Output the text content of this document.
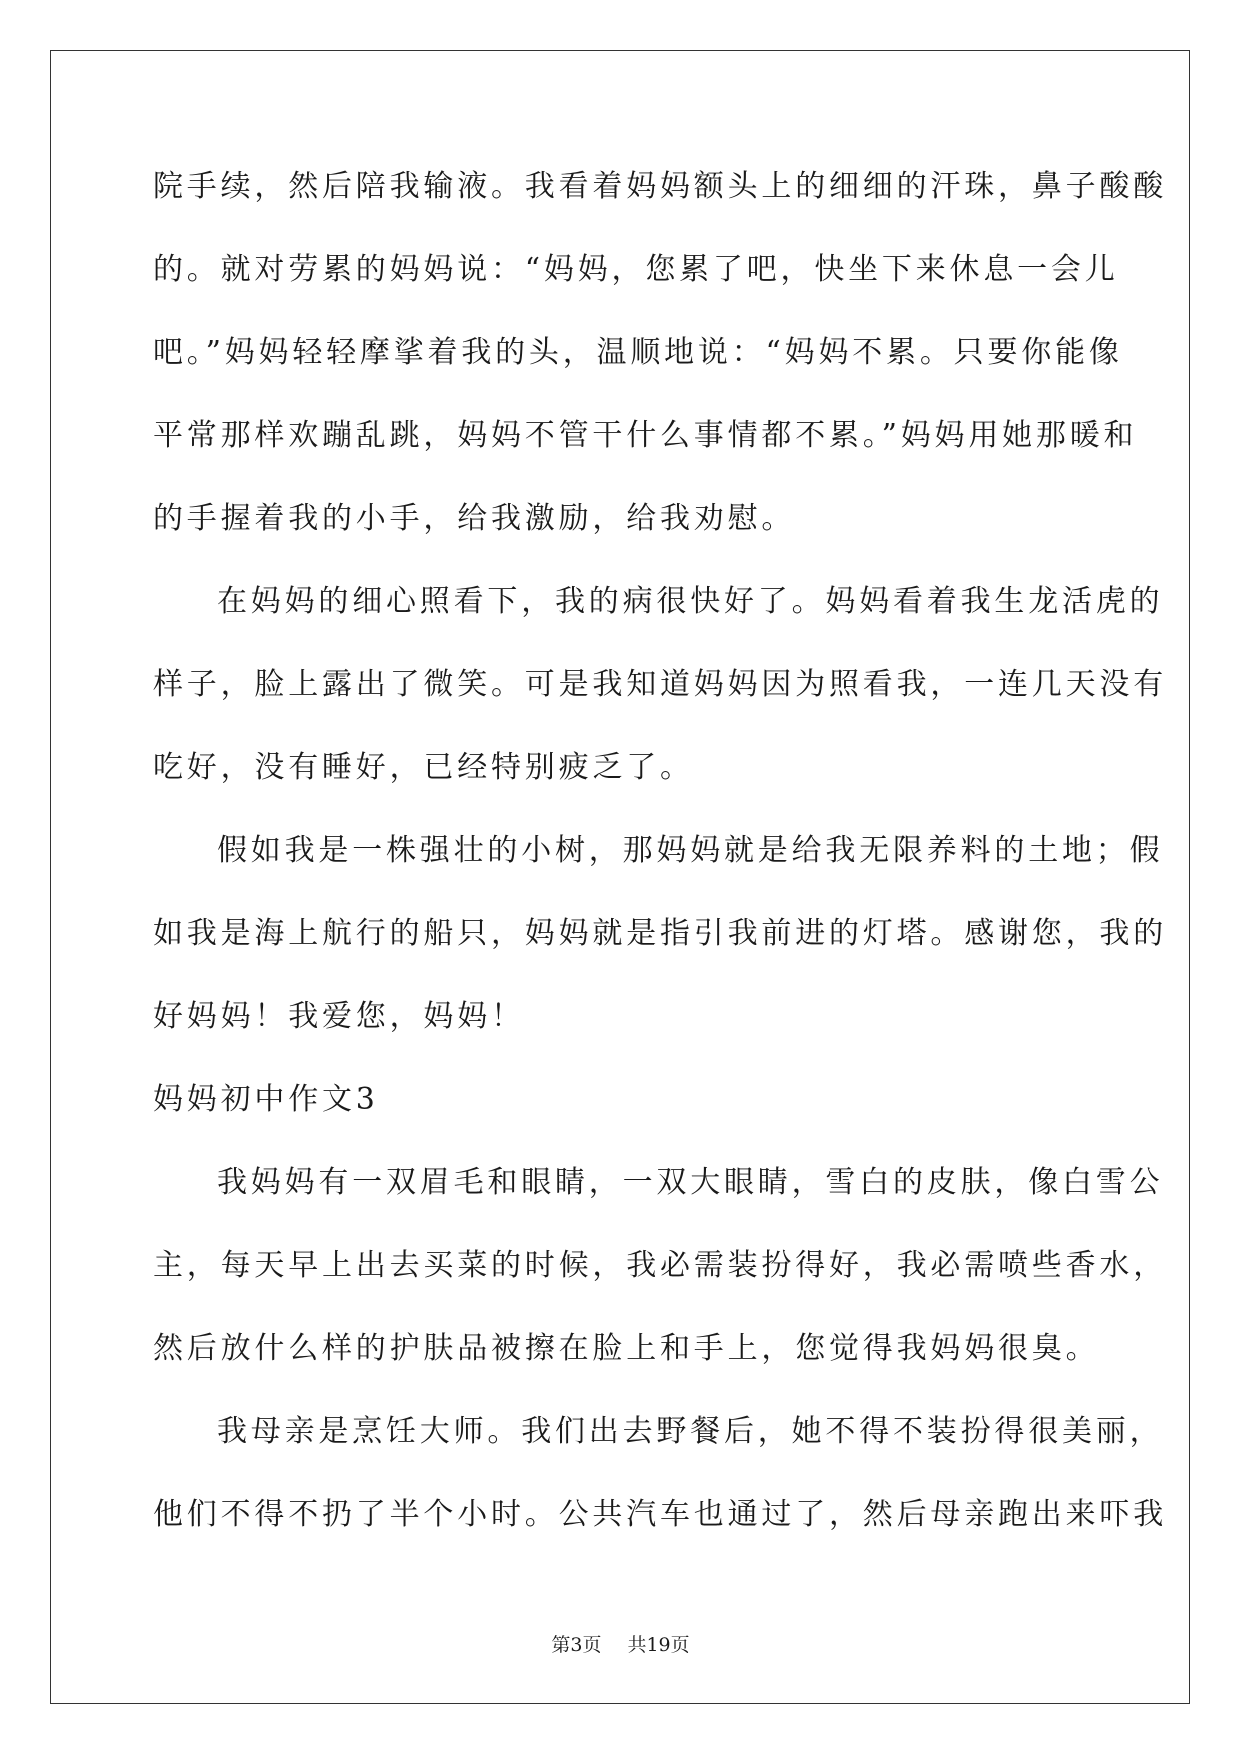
院手续，然后陪我输液。我看着妈妈额头上的细细的汗珠，鼻子酸酸
的。就对劳累的妈妈说：“妈妈，您累了吧，快坐下来休息一会儿
吧。”妈妈轻轻摩挲着我的头，温顺地说：“妈妈不累。只要你能像
平常那样欢蹦乱跳，妈妈不管干什么事情都不累。”妈妈用她那暖和
的手握着我的小手，给我激励，给我劝慰。
在妈妈的细心照看下，我的病很快好了。妈妈看着我生龙活虎的
样子，脸上露出了微笑。可是我知道妈妈因为照看我，一连几天没有
吃好，没有睡好，已经特别疲乏了。
假如我是一株强壮的小树，那妈妈就是给我无限养料的土地；假
如我是海上航行的船只，妈妈就是指引我前进的灯塔。感谢您，我的
好妈妈！我爱您，妈妈！
妈妈初中作文3
我妈妈有一双眉毛和眼睛，一双大眼睛，雪白的皮肤，像白雪公
主，每天早上出去买菜的时候，我必需装扮得好，我必需喷些香水，
然后放什么样的护肤品被擦在脸上和手上，您觉得我妈妈很臭。
我母亲是烹饪大师。我们出去野餐后，她不得不装扮得很美丽，
他们不得不扔了半个小时。公共汽车也通过了，然后母亲跑出来吓我
第3页 共19页
